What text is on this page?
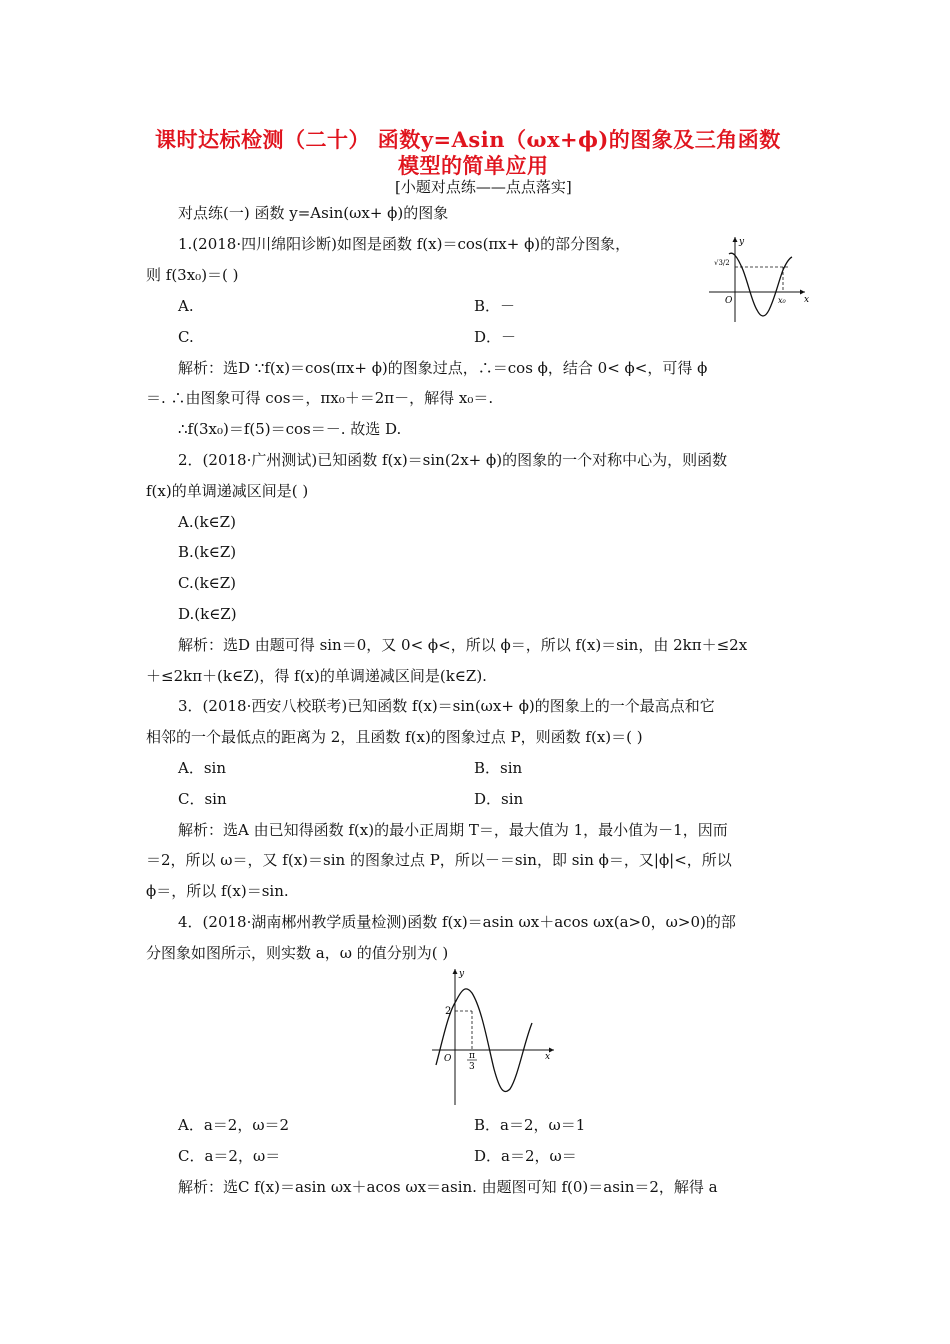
课时达标检测（二十） 函数y=Asin（ωx+ϕ)的图象及三角函数
模型的简单应用
[小题对点练——点点落实]
对点练(一) 函数 y=Asin(ωx+ ϕ)的图象
1.(2018·四川绵阳诊断)如图是函数 f(x)＝cos(πx+ ϕ)的部分图象，
则 f(3x₀)＝( )
A.	B．－
C.	D．－
y
x
O	x₀
√3/2
解析：选D ∵f(x)＝cos(πx+ ϕ)的图象过点，∴＝cos ϕ，结合 0< ϕ<，可得 ϕ
＝. ∴由图象可得 cos＝，πx₀＋＝2π－，解得 x₀＝.
∴f(3x₀)＝f(5)＝cos＝－. 故选 D.
2．(2018·广州测试)已知函数 f(x)＝sin(2x+ ϕ)的图象的一个对称中心为，则函数
f(x)的单调递减区间是( )
A.(k∈Z)
B.(k∈Z)
C.(k∈Z)
D.(k∈Z)
解析：选D 由题可得 sin＝0，又 0< ϕ<，所以 ϕ＝，所以 f(x)＝sin，由 2kπ＋≤2x
＋≤2kπ＋(k∈Z)，得 f(x)的单调递减区间是(k∈Z).
3．(2018·西安八校联考)已知函数 f(x)＝sin(ωx+ ϕ)的图象上的一个最高点和它
相邻的一个最低点的距离为 2，且函数 f(x)的图象过点 P，则函数 f(x)＝( )
A．sin	B．sin
C．sin	D．sin
解析：选A 由已知得函数 f(x)的最小正周期 T＝，最大值为 1，最小值为－1，因而
＝2，所以 ω＝，又 f(x)＝sin 的图象过点 P，所以－＝sin，即 sin ϕ＝，又|ϕ|<，所以
ϕ＝，所以 f(x)＝sin.
4．(2018·湖南郴州教学质量检测)函数 f(x)＝asin ωx＋acos ωx(a>0，ω>0)的部
分图象如图所示，则实数 a，ω 的值分别为( )
y
x
O
2
π
3
A．a＝2，ω＝2	B．a＝2，ω＝1
C．a＝2，ω＝	D．a＝2，ω＝
解析：选C f(x)＝asin ωx＋acos ωx＝asin. 由题图可知 f(0)＝asin＝2，解得 a
